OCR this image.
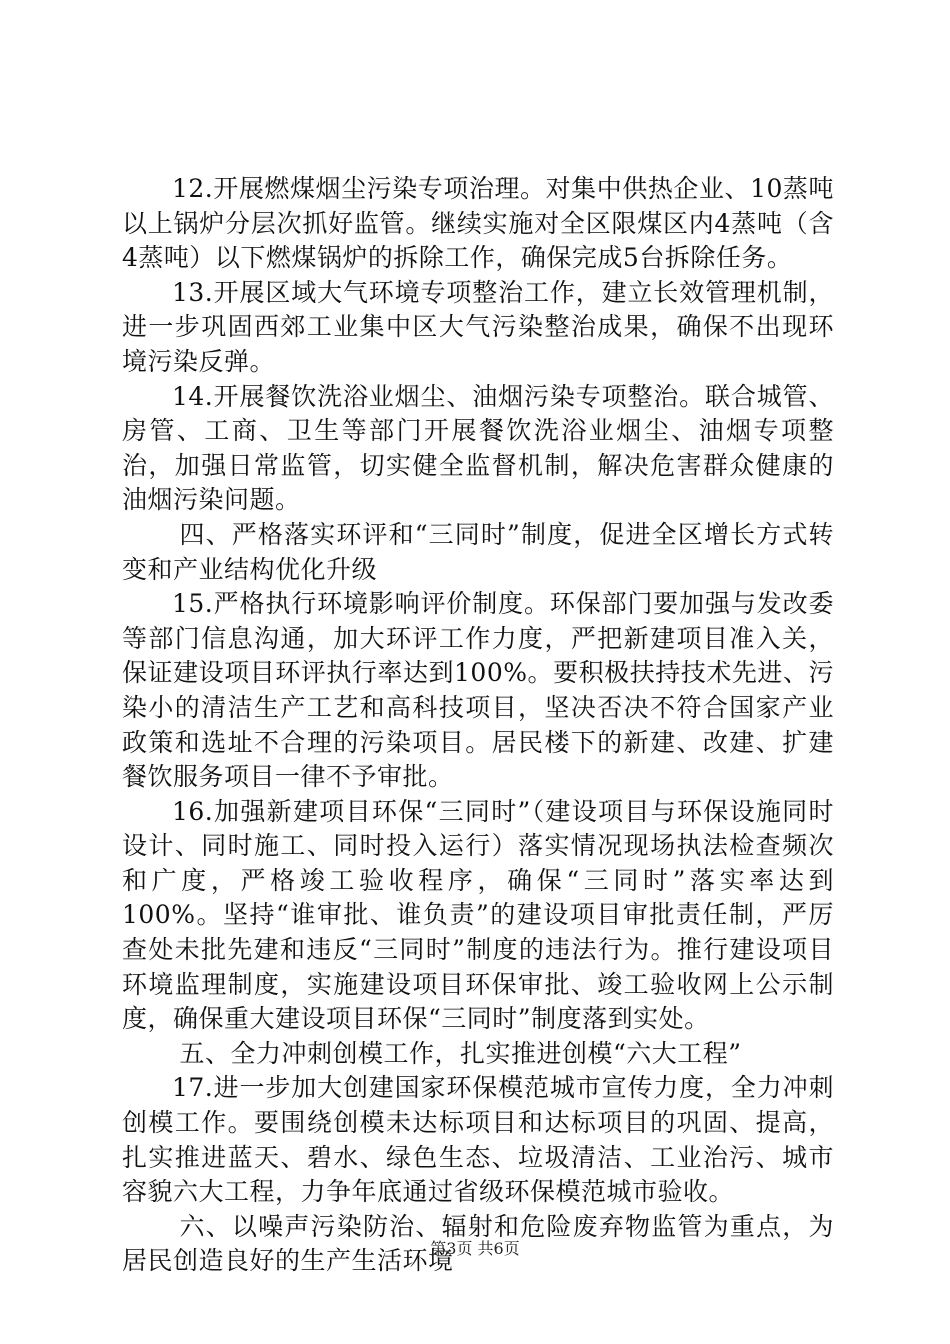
12.开展燃煤烟尘污染专项治理。对集中供热企业、10蒸吨以上锅炉分层次抓好监管。继续实施对全区限煤区内4蒸吨（含4蒸吨）以下燃煤锅炉的拆除工作，确保完成5台拆除任务。

13.开展区域大气环境专项整治工作，建立长效管理机制，进一步巩固西郊工业集中区大气污染整治成果，确保不出现环境污染反弹。

14.开展餐饮洗浴业烟尘、油烟污染专项整治。联合城管、房管、工商、卫生等部门开展餐饮洗浴业烟尘、油烟专项整治，加强日常监管，切实健全监督机制，解决危害群众健康的油烟污染问题。

四、严格落实环评和“三同时”制度，促进全区增长方式转变和产业结构优化升级

15.严格执行环境影响评价制度。环保部门要加强与发改委等部门信息沟通，加大环评工作力度，严把新建项目准入关，保证建设项目环评执行率达到100%。要积极扶持技术先进、污染小的清洁生产工艺和高科技项目，坚决否决不符合国家产业政策和选址不合理的污染项目。居民楼下的新建、改建、扩建餐饮服务项目一律不予审批。

16.加强新建项目环保“三同时”（建设项目与环保设施同时设计、同时施工、同时投入运行）落实情况现场执法检查频次和广度，严格竣工验收程序，确保“三同时”落实率达到100%。坚持“谁审批、谁负责”的建设项目审批责任制，严厉查处未批先建和违反“三同时”制度的违法行为。推行建设项目环境监理制度，实施建设项目环保审批、竣工验收网上公示制度，确保重大建设项目环保“三同时”制度落到实处。

五、全力冲刺创模工作，扎实推进创模“六大工程”

17.进一步加大创建国家环保模范城市宣传力度，全力冲刺创模工作。要围绕创模未达标项目和达标项目的巩固、提高，扎实推进蓝天、碧水、绿色生态、垃圾清洁、工业治污、城市容貌六大工程，力争年底通过省级环保模范城市验收。

六、以噪声污染防治、辐射和危险废弃物监管为重点，为居民创造良好的生产生活环境

第3页 共6页
